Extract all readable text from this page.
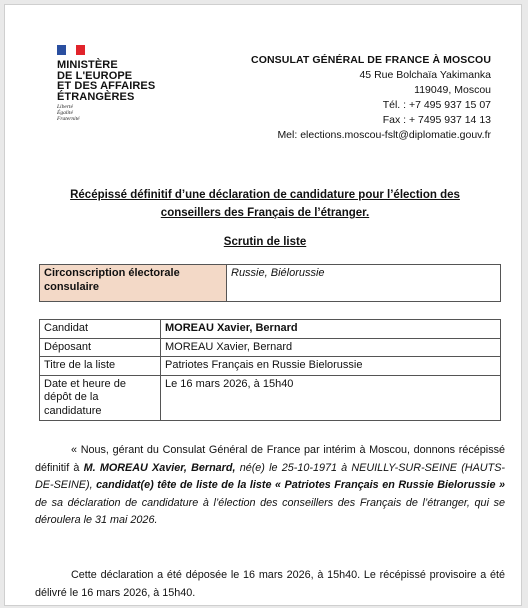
MINISTÈRE
DE L'EUROPE
ET DES AFFAIRES
ÉTRANGÈRES
Liberté
Égalité
Fraternité
CONSULAT GÉNÉRAL DE FRANCE À MOSCOU
45 Rue Bolchaïa Yakimanka
119049, Moscou
Tél. : +7 495 937 15 07
Fax : + 7495 937 14 13
Mel: elections.moscou-fslt@diplomatie.gouv.fr
Récépissé définitif d’une déclaration de candidature pour l’élection des
conseillers des Français de l’étranger.
Scrutin de liste
Circonscription électorale consulaire	Russie, Biélorussie
Candidat	MOREAU Xavier, Bernard
Déposant	MOREAU Xavier, Bernard
Titre de la liste	Patriotes Français en Russie Bielorussie
Date et heure de dépôt de la candidature	Le 16 mars 2026, à 15h40
« Nous, gérant du Consulat Général de France par intérim à Moscou, donnons récépissé définitif à M. MOREAU Xavier, Bernard, né(e) le 25-10-1971 à NEUILLY-SUR-SEINE (HAUTS-DE-SEINE), candidat(e) tête de liste de la liste « Patriotes Français en Russie Bielorussie » de sa déclaration de candidature à l’élection des conseillers des Français de l’étranger, qui se déroulera le 31 mai 2026.
Cette déclaration a été déposée le 16 mars 2026, à 15h40. Le récépissé provisoire a été délivré le 16 mars 2026, à 15h40.
